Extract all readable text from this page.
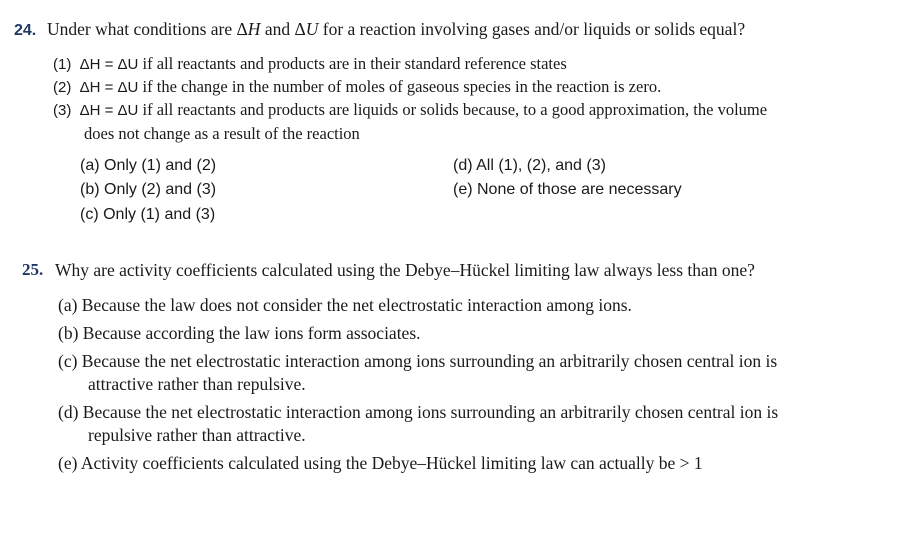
24. Under what conditions are ΔH and ΔU for a reaction involving gases and/or liquids or solids equal?
(1) ΔH = ΔU if all reactants and products are in their standard reference states
(2) ΔH = ΔU if the change in the number of moles of gaseous species in the reaction is zero.
(3) ΔH = ΔU if all reactants and products are liquids or solids because, to a good approximation, the volume
does not change as a result of the reaction
(a) Only (1) and (2)
(b) Only (2) and (3)
(c) Only (1) and (3)
(d) All (1), (2), and (3)
(e) None of those are necessary
25. Why are activity coefficients calculated using the Debye–Hückel limiting law always less than one?
(a) Because the law does not consider the net electrostatic interaction among ions.
(b) Because according the law ions form associates.
(c) Because the net electrostatic interaction among ions surrounding an arbitrarily chosen central ion is
attractive rather than repulsive.
(d) Because the net electrostatic interaction among ions surrounding an arbitrarily chosen central ion is
repulsive rather than attractive.
(e) Activity coefficients calculated using the Debye–Hückel limiting law can actually be > 1
